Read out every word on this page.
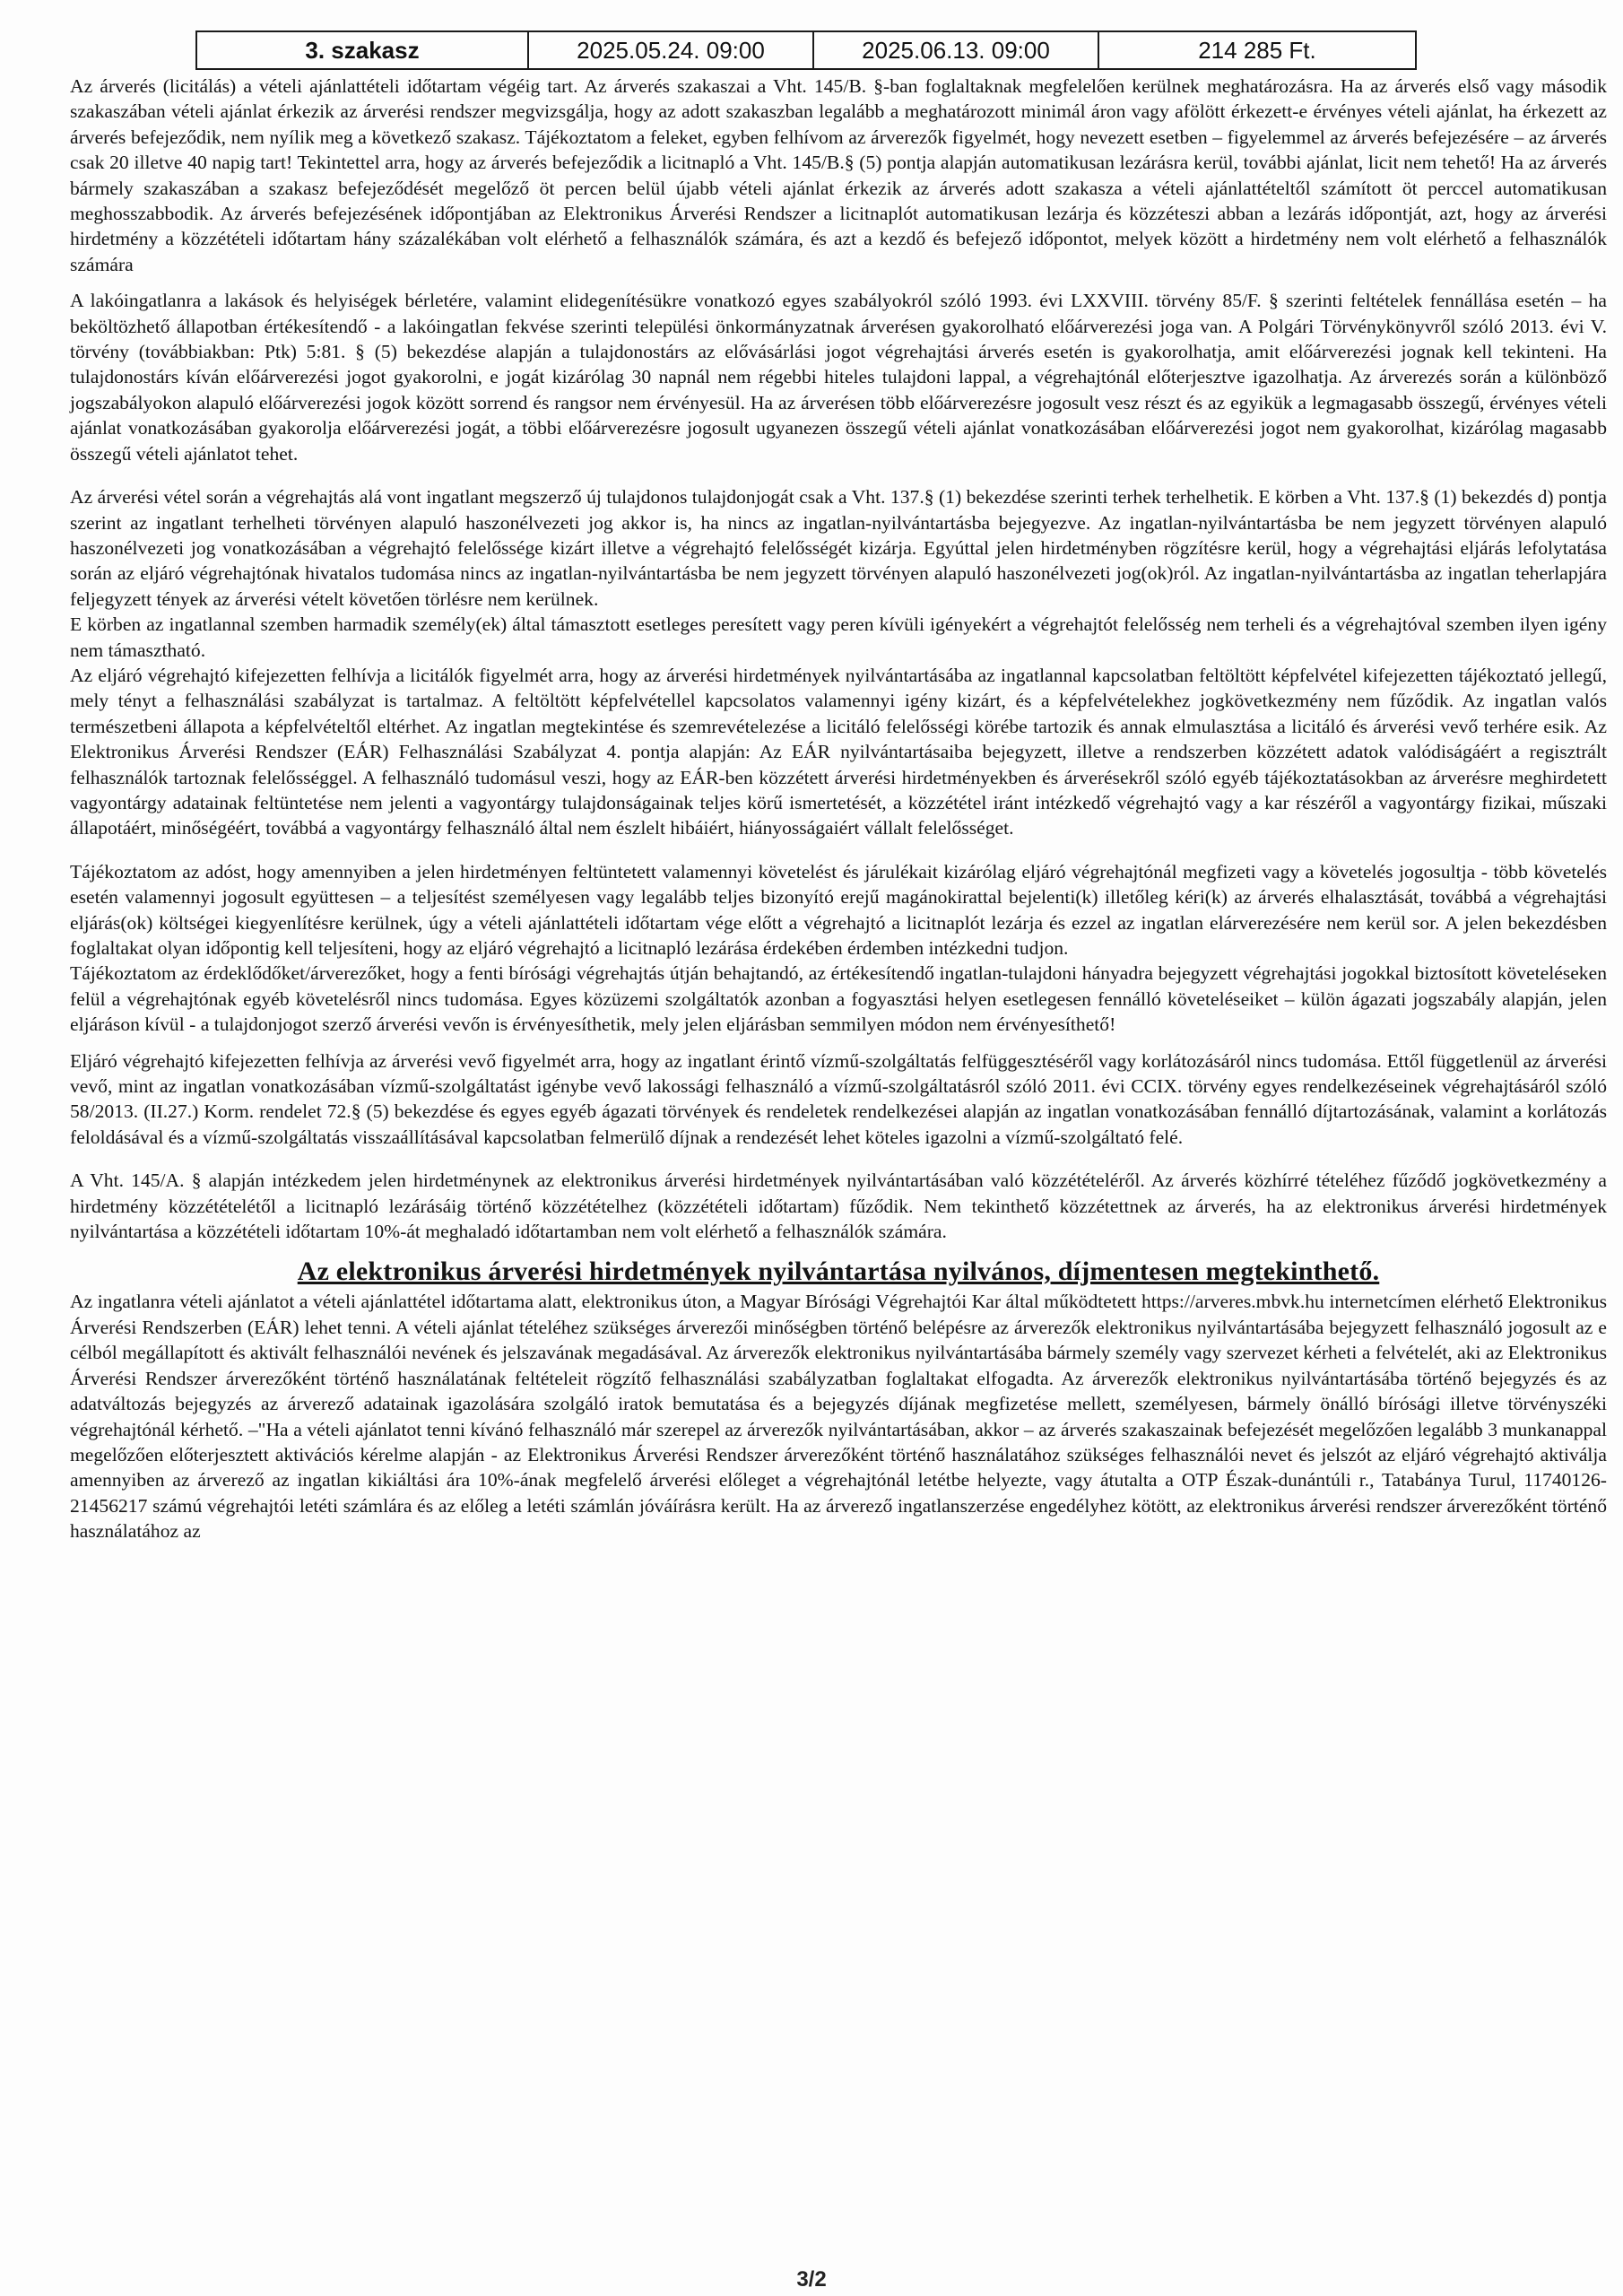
3. szakasz	2025.05.24. 09:00	2025.06.13. 09:00	214 285 Ft.

Az árverés (licitálás) a vételi ajánlattételi időtartam végéig tart. Az árverés szakaszai a Vht. 145/B. §-ban foglaltaknak megfelelően kerülnek meghatározásra. Ha az árverés első vagy második szakaszában vételi ajánlat érkezik az árverési rendszer megvizsgálja, hogy az adott szakaszban legalább a meghatározott minimál áron vagy afölött érkezett-e érvényes vételi ajánlat, ha érkezett az árverés befejeződik, nem nyílik meg a következő szakasz. Tájékoztatom a feleket, egyben felhívom az árverezők figyelmét, hogy nevezett esetben – figyelemmel az árverés befejezésére – az árverés csak 20 illetve 40 napig tart! Tekintettel arra, hogy az árverés befejeződik a licitnapló a Vht. 145/B.§ (5) pontja alapján automatikusan lezárásra kerül, további ajánlat, licit nem tehető! Ha az árverés bármely szakaszában a szakasz befejeződését megelőző öt percen belül újabb vételi ajánlat érkezik az árverés adott szakasza a vételi ajánlattételtől számított öt perccel automatikusan meghosszabbodik. Az árverés befejezésének időpontjában az Elektronikus Árverési Rendszer a licitnaplót automatikusan lezárja és közzéteszi abban a lezárás időpontját, azt, hogy az árverési hirdetmény a közzétételi időtartam hány százalékában volt elérhető a felhasználók számára, és azt a kezdő és befejező időpontot, melyek között a hirdetmény nem volt elérhető a felhasználók számára

A lakóingatlanra a lakások és helyiségek bérletére, valamint elidegenítésükre vonatkozó egyes szabályokról szóló 1993. évi LXXVIII. törvény 85/F. § szerinti feltételek fennállása esetén – ha beköltözhető állapotban értékesítendő - a lakóingatlan fekvése szerinti települési önkormányzatnak árverésen gyakorolható előárverezési joga van. A Polgári Törvénykönyvről szóló 2013. évi V. törvény (továbbiakban: Ptk) 5:81. § (5) bekezdése alapján a tulajdonostárs az elővásárlási jogot végrehajtási árverés esetén is gyakorolhatja, amit előárverezési jognak kell tekinteni. Ha tulajdonostárs kíván előárverezési jogot gyakorolni, e jogát kizárólag 30 napnál nem régebbi hiteles tulajdoni lappal, a végrehajtónál előterjesztve igazolhatja. Az árverezés során a különböző jogszabályokon alapuló előárverezési jogok között sorrend és rangsor nem érvényesül. Ha az árverésen több előárverezésre jogosult vesz részt és az egyikük a legmagasabb összegű, érvényes vételi ajánlat vonatkozásában gyakorolja előárverezési jogát, a többi előárverezésre jogosult ugyanezen összegű vételi ajánlat vonatkozásában előárverezési jogot nem gyakorolhat, kizárólag magasabb összegű vételi ajánlatot tehet.

Az árverési vétel során a végrehajtás alá vont ingatlant megszerző új tulajdonos tulajdonjogát csak a Vht. 137.§ (1) bekezdése szerinti terhek terhelhetik. E körben a Vht. 137.§ (1) bekezdés d) pontja szerint az ingatlant terhelheti törvényen alapuló haszonélvezeti jog akkor is, ha nincs az ingatlan-nyilvántartásba bejegyezve. Az ingatlan-nyilvántartásba be nem jegyzett törvényen alapuló haszonélvezeti jog vonatkozásában a végrehajtó felelőssége kizárt illetve a végrehajtó felelősségét kizárja. Egyúttal jelen hirdetményben rögzítésre kerül, hogy a végrehajtási eljárás lefolytatása során az eljáró végrehajtónak hivatalos tudomása nincs az ingatlan-nyilvántartásba be nem jegyzett törvényen alapuló haszonélvezeti jog(ok)ról. Az ingatlan-nyilvántartásba az ingatlan teherlapjára feljegyzett tények az árverési vételt követően törlésre nem kerülnek.

E körben az ingatlannal szemben harmadik személy(ek) által támasztott esetleges peresített vagy peren kívüli igényekért a végrehajtót felelősség nem terheli és a végrehajtóval szemben ilyen igény nem támasztható.

Az eljáró végrehajtó kifejezetten felhívja a licitálók figyelmét arra, hogy az árverési hirdetmények nyilvántartásába az ingatlannal kapcsolatban feltöltött képfelvétel kifejezetten tájékoztató jellegű, mely tényt a felhasználási szabályzat is tartalmaz. A feltöltött képfelvétellel kapcsolatos valamennyi igény kizárt, és a képfelvételekhez jogkövetkezmény nem fűződik. Az ingatlan valós természetbeni állapota a képfelvételtől eltérhet. Az ingatlan megtekintése és szemrevételezése a licitáló felelősségi körébe tartozik és annak elmulasztása a licitáló és árverési vevő terhére esik. Az Elektronikus Árverési Rendszer (EÁR) Felhasználási Szabályzat 4. pontja alapján: Az EÁR nyilvántartásaiba bejegyzett, illetve a rendszerben közzétett adatok valódiságáért a regisztrált felhasználók tartoznak felelősséggel. A felhasználó tudomásul veszi, hogy az EÁR-ben közzétett árverési hirdetményekben és árverésekről szóló egyéb tájékoztatásokban az árverésre meghirdetett vagyontárgy adatainak feltüntetése nem jelenti a vagyontárgy tulajdonságainak teljes körű ismertetését, a közzététel iránt intézkedő végrehajtó vagy a kar részéről a vagyontárgy fizikai, műszaki állapotáért, minőségéért, továbbá a vagyontárgy felhasználó által nem észlelt hibáiért, hiányosságaiért vállalt felelősséget.

Tájékoztatom az adóst, hogy amennyiben a jelen hirdetményen feltüntetett valamennyi követelést és járulékait kizárólag eljáró végrehajtónál megfizeti vagy a követelés jogosultja - több követelés esetén valamennyi jogosult együttesen – a teljesítést személyesen vagy legalább teljes bizonyító erejű magánokirattal bejelenti(k) illetőleg kéri(k) az árverés elhalasztását, továbbá a végrehajtási eljárás(ok) költségei kiegyenlítésre kerülnek, úgy a vételi ajánlattételi időtartam vége előtt a végrehajtó a licitnaplót lezárja és ezzel az ingatlan elárverezésére nem kerül sor. A jelen bekezdésben foglaltakat olyan időpontig kell teljesíteni, hogy az eljáró végrehajtó a licitnapló lezárása érdekében érdemben intézkedni tudjon.

Tájékoztatom az érdeklődőket/árverezőket, hogy a fenti bírósági végrehajtás útján behajtandó, az értékesítendő ingatlan-tulajdoni hányadra bejegyzett végrehajtási jogokkal biztosított követeléseken felül a végrehajtónak egyéb követelésről nincs tudomása. Egyes közüzemi szolgáltatók azonban a fogyasztási helyen esetlegesen fennálló követeléseiket – külön ágazati jogszabály alapján, jelen eljáráson kívül - a tulajdonjogot szerző árverési vevőn is érvényesíthetik, mely jelen eljárásban semmilyen módon nem érvényesíthető!

Eljáró végrehajtó kifejezetten felhívja az árverési vevő figyelmét arra, hogy az ingatlant érintő vízmű-szolgáltatás felfüggesztéséről vagy korlátozásáról nincs tudomása. Ettől függetlenül az árverési vevő, mint az ingatlan vonatkozásában vízmű-szolgáltatást igénybe vevő lakossági felhasználó a vízmű-szolgáltatásról szóló 2011. évi CCIX. törvény egyes rendelkezéseinek végrehajtásáról szóló 58/2013. (II.27.) Korm. rendelet 72.§ (5) bekezdése és egyes egyéb ágazati törvények és rendeletek rendelkezései alapján az ingatlan vonatkozásában fennálló díjtartozásának, valamint a korlátozás feloldásával és a vízmű-szolgáltatás visszaállításával kapcsolatban felmerülő díjnak a rendezését lehet köteles igazolni a vízmű-szolgáltató felé.

A Vht. 145/A. § alapján intézkedem jelen hirdetménynek az elektronikus árverési hirdetmények nyilvántartásában való közzétételéről. Az árverés közhírré tételéhez fűződő jogkövetkezmény a hirdetmény közzétételétől a licitnapló lezárásáig történő közzétételhez (közzétételi időtartam) fűződik. Nem tekinthető közzétettnek az árverés, ha az elektronikus árverési hirdetmények nyilvántartása a közzétételi időtartam 10%-át meghaladó időtartamban nem volt elérhető a felhasználók számára.

Az elektronikus árverési hirdetmények nyilvántartása nyilvános, díjmentesen megtekinthető.

Az ingatlanra vételi ajánlatot a vételi ajánlattétel időtartama alatt, elektronikus úton, a Magyar Bírósági Végrehajtói Kar által működtetett https://arveres.mbvk.hu internetcímen elérhető Elektronikus Árverési Rendszerben (EÁR) lehet tenni. A vételi ajánlat tételéhez szükséges árverezői minőségben történő belépésre az árverezők elektronikus nyilvántartásába bejegyzett felhasználó jogosult az e célból megállapított és aktivált felhasználói nevének és jelszavának megadásával. Az árverezők elektronikus nyilvántartásába bármely személy vagy szervezet kérheti a felvételét, aki az Elektronikus Árverési Rendszer árverezőként történő használatának feltételeit rögzítő felhasználási szabályzatban foglaltakat elfogadta. Az árverezők elektronikus nyilvántartásába történő bejegyzés és az adatváltozás bejegyzés az árverező adatainak igazolására szolgáló iratok bemutatása és a bejegyzés díjának megfizetése mellett, személyesen, bármely önálló bírósági illetve törvényszéki végrehajtónál kérhető. –"Ha a vételi ajánlatot tenni kívánó felhasználó már szerepel az árverezők nyilvántartásában, akkor – az árverés szakaszainak befejezését megelőzően legalább 3 munkanappal megelőzően előterjesztett aktivációs kérelme alapján - az Elektronikus Árverési Rendszer árverezőként történő használatához szükséges felhasználói nevet és jelszót az eljáró végrehajtó aktiválja amennyiben az árverező az ingatlan kikiáltási ára 10%-ának megfelelő árverési előleget a végrehajtónál letétbe helyezte, vagy átutalta a OTP Észak-dunántúli r., Tatabánya Turul, 11740126-21456217 számú végrehajtói letéti számlára és az előleg a letéti számlán jóváírásra került. Ha az árverező ingatlanszerzése engedélyhez kötött, az elektronikus árverési rendszer árverezőként történő használatához az

3/2
